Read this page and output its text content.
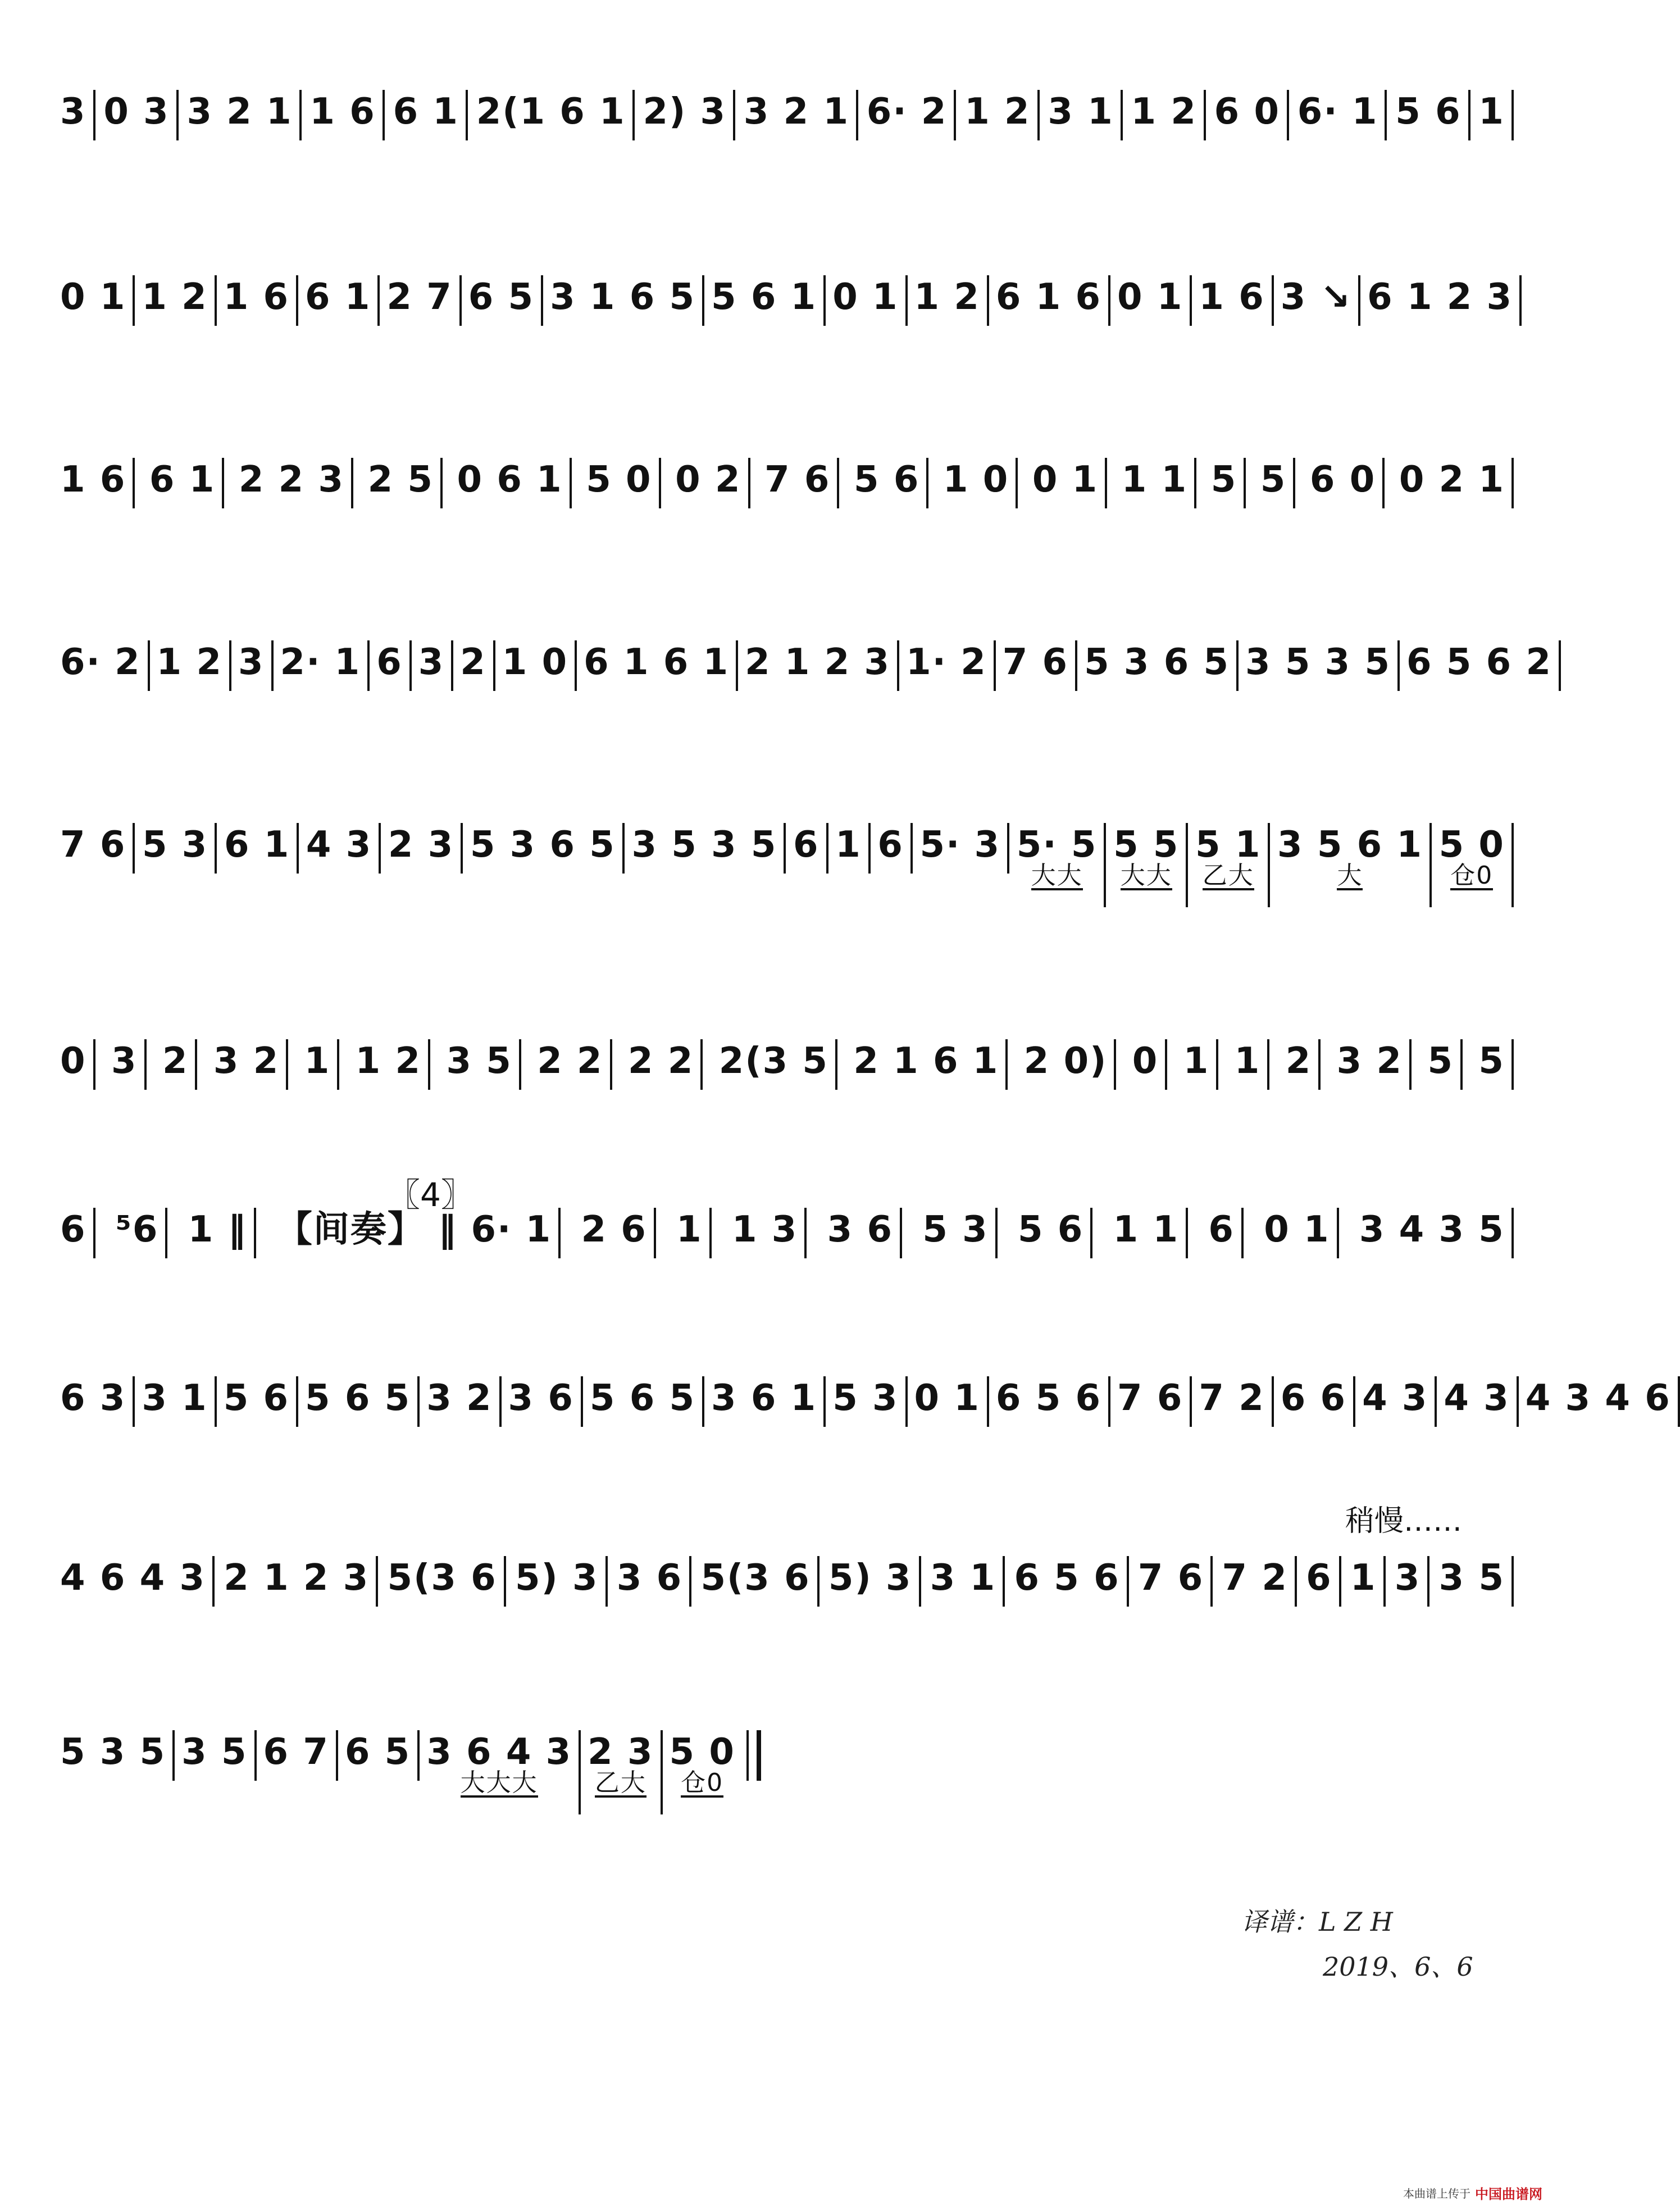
3 0 3 3 2 1 1 6 6 1 2(1 6 1 2) 3 3 2 1 6· 2 1 2 3 1 1 2 6 0 6· 1 5 6 1
0 1 1 2 1 6 6 1 2 7 6 5 3 1 6 5 5 6 1 0 1 1 2 6 1 6 0 1 1 6 3 ↘ 6 1 2 3
1 6 6 1 2 2 3 2 5 0 6 1 5 0 0 2 7 6 5 6 1 0 0 1 1 1 5 5 6 0 0 2 1
6· 2 1 2 3 2· 1 6 3 2 1 0 6 1 6 1 2 1 2 3 1· 2 7 6 5 3 6 5 3 5 3 5 6 5 6 2
7 6 5 3 6 1 4 3 2 3 5 3 6 5 3 5 3 5 6 1 6 5· 3 5· 5
大大
5 5
大大
5 1
乙大
3 5 6 1
大
5 0
仓0
0 3 2 3 2 1 1 2 3 5 2 2 2 2 2(3 5 2 1 6 1 2 0) 0 1 1 2 3 2 5 5
6 ⁵6 1 ‖ 【间奏】 ‖ 6· 1 2 6 1 1 3 3 6 5 3 5 6 1 1 6 0 1 3 4 3 5
6 3 3 1 5 6 5 6 5 3 2 3 6 5 6 5 3 6 1 5 3 0 1 6 5 6 7 6 7 2 6 6 4 3 4 3 4 3 4 6
4 6 4 3 2 1 2 3 5(3 6 5) 3 3 6 5(3 6 5) 3 3 1 6 5 6 7 6 7 2 6 1 3 3 5
5 3 5 3 5 6 7 6 5 3 6 4 3
大大大
2 3
乙大
5 0
仓0
〖4〗
稍慢……
译谱：L Z H
2019、6、6
本曲谱上传于 中国曲谱网
